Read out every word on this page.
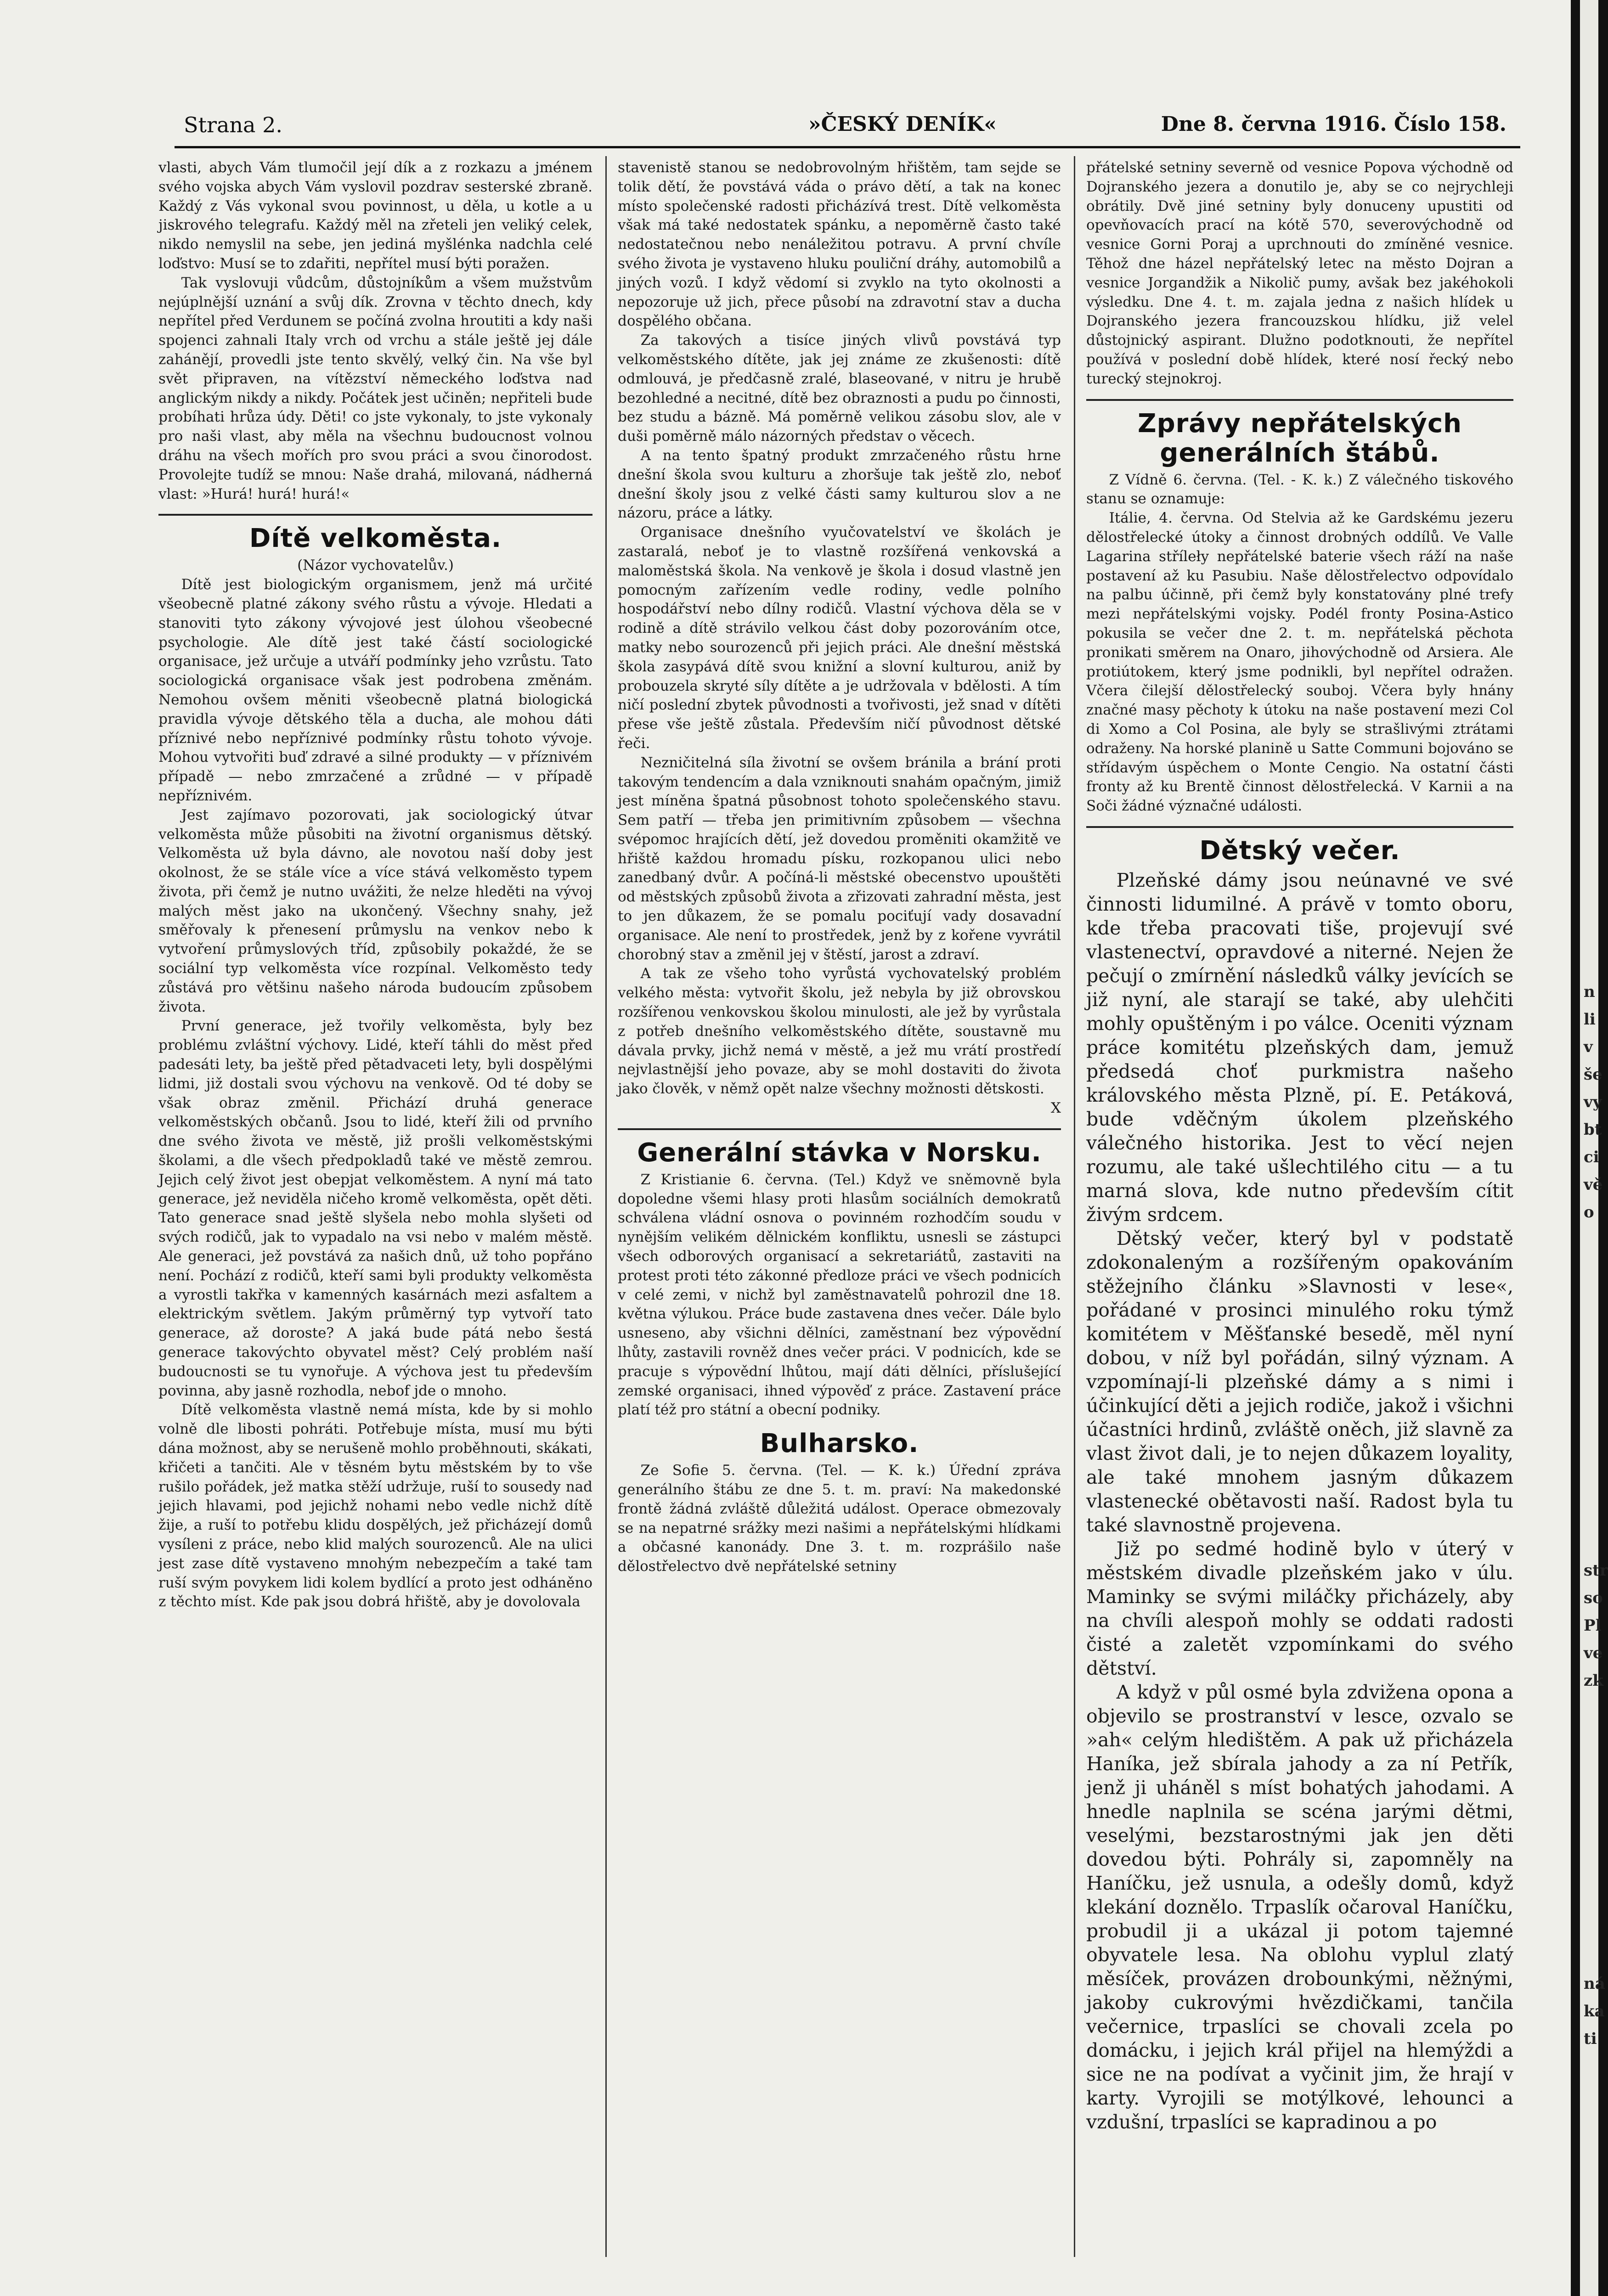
Strana 2.	»ČESKÝ DENÍK«	Dne 8. června 1916. Číslo 158.

vlasti, abych Vám tlumočil její dík a z rozkazu a jménem svého vojska abych Vám vyslovil pozdrav sesterské zbraně. Každý z Vás vykonal svou povinnost, u děla, u kotle a u jiskrového telegrafu. Každý měl na zřeteli jen veliký celek, nikdo nemyslil na sebe, jen jediná myšlénka nadchla celé loďstvo: Musí se to zdařiti, nepřítel musí býti poražen.

Tak vyslovuji vůdcům, důstojníkům a všem mužstvům nejúplnější uznání a svůj dík. Zrovna v těchto dnech, kdy nepřítel před Verdunem se počíná zvolna hroutiti a kdy naši spojenci zahnali Italy vrch od vrchu a stále ještě jej dále zahánějí, provedli jste tento skvělý, velký čin. Na vše byl svět připraven, na vítězství německého loďstva nad anglickým nikdy a nikdy. Počátek jest učiněn; nepřiteli bude probíhati hrůza údy. Děti! co jste vykonaly, to jste vykonaly pro naši vlast, aby měla na všechnu budoucnost volnou dráhu na všech mořích pro svou práci a svou činorodost. Provolejte tudíž se mnou: Naše drahá, milovaná, nádherná vlast: »Hurá! hurá! hurá!«

Dítě velkoměsta.

(Názor vychovatelův.)

Dítě jest biologickým organismem, jenž má určité všeobecně platné zákony svého růstu a vývoje. Hledati a stanoviti tyto zákony vývojové jest úlohou všeobecné psychologie. Ale dítě jest také částí sociologické organisace, jež určuje a utváří podmínky jeho vzrůstu. Tato sociologická organisace však jest podrobena změnám. Nemohou ovšem měniti všeobecně platná biologická pravidla vývoje dětského těla a ducha, ale mohou dáti příznivé nebo nepříznivé podmínky růstu tohoto vývoje. Mohou vytvořiti buď zdravé a silné produkty — v příznivém případě — nebo zmrzačené a zrůdné — v případě nepříznivém.

Jest zajímavo pozorovati, jak sociologický útvar velkoměsta může působiti na životní organismus dětský. Velkoměsta už byla dávno, ale novotou naší doby jest okolnost, že se stále více a více stává velkoměsto typem života, při čemž je nutno uvážiti, že nelze hleděti na vývoj malých měst jako na ukončený. Všechny snahy, jež směřovaly k přenesení průmyslu na venkov nebo k vytvoření průmyslových tříd, způsobily pokaždé, že se sociální typ velkoměsta více rozpínal. Velkoměsto tedy zůstává pro většinu našeho národa budoucím způsobem života.

První generace, jež tvořily velkoměsta, byly bez problému zvláštní výchovy. Lidé, kteří táhli do měst před padesáti lety, ba ještě před pětadvaceti lety, byli dospělými lidmi, již dostali svou výchovu na venkově. Od té doby se však obraz změnil. Přichází druhá generace velkoměstských občanů. Jsou to lidé, kteří žili od prvního dne svého života ve městě, již prošli velkoměstskými školami, a dle všech předpokladů také ve městě zemrou. Jejich celý život jest obepjat velkoměstem. A nyní má tato generace, jež neviděla ničeho kromě velkoměsta, opět děti. Tato generace snad ještě slyšela nebo mohla slyšeti od svých rodičů, jak to vypadalo na vsi nebo v malém městě. Ale generaci, jež povstává za našich dnů, už toho popřáno není. Pochází z rodičů, kteří sami byli produkty velkoměsta a vyrostli takřka v kamenných kasárnách mezi asfaltem a elektrickým světlem. Jakým průměrný typ vytvoří tato generace, až doroste? A jaká bude pátá nebo šestá generace takovýchto obyvatel měst? Celý problém naší budoucnosti se tu vynořuje. A výchova jest tu především povinna, aby jasně rozhodla, nebof jde o mnoho.

Dítě velkoměsta vlastně nemá místa, kde by si mohlo volně dle libosti pohráti. Potřebuje místa, musí mu býti dána možnost, aby se nerušeně mohlo proběhnouti, skákati, křičeti a tančiti. Ale v těsném bytu městském by to vše rušilo pořádek, jež matka stěží udržuje, ruší to sousedy nad jejich hlavami, pod jejichž nohami nebo vedle nichž dítě žije, a ruší to potřebu klidu dospělých, jež přicházejí domů vysíleni z práce, nebo klid malých sourozenců. Ale na ulici jest zase dítě vystaveno mnohým nebezpečím a také tam ruší svým povykem lidi kolem bydlící a proto jest odháněno z těchto míst. Kde pak jsou dobrá hřiště, aby je dovolovala

stavenistě stanou se nedobrovolným hřištěm, tam sejde se tolik dětí, že povstává váda o právo dětí, a tak na konec místo společenské radosti přicházívá trest. Dítě velkoměsta však má také nedostatek spánku, a nepoměrně často také nedostatečnou nebo nenáležitou potravu. A první chvíle svého života je vystaveno hluku pouliční dráhy, automobilů a jiných vozů. I když vědomí si zvyklo na tyto okolnosti a nepozoruje už jich, přece působí na zdravotní stav a ducha dospělého občana.

Za takových a tisíce jiných vlivů povstává typ velkoměstského dítěte, jak jej známe ze zkušenosti: dítě odmlouvá, je předčasně zralé, blaseované, v nitru je hrubě bezohledné a necitné, dítě bez obraznosti a pudu po činnosti, bez studu a bázně. Má poměrně velikou zásobu slov, ale v duši poměrně málo názorných představ o věcech.

A na tento špatný produkt zmrzačeného růstu hrne dnešní škola svou kulturu a zhoršuje tak ještě zlo, neboť dnešní školy jsou z velké části samy kulturou slov a ne názoru, práce a látky.

Organisace dnešního vyučovatelství ve školách je zastaralá, neboť je to vlastně rozšířená venkovská a maloměstská škola. Na venkově je škola i dosud vlastně jen pomocným zařízením vedle rodiny, vedle polního hospodářství nebo dílny rodičů. Vlastní výchova děla se v rodině a dítě strávilo velkou část doby pozorováním otce, matky nebo sourozenců při jejich práci. Ale dnešní městská škola zasypává dítě svou knižní a slovní kulturou, aniž by probouzela skryté síly dítěte a je udržovala v bdělosti. A tím ničí poslední zbytek původnosti a tvořivosti, jež snad v dítěti přese vše ještě zůstala. Především ničí původnost dětské řeči.

Nezničitelná síla životní se ovšem bránila a brání proti takovým tendencím a dala vzniknouti snahám opačným, jimiž jest míněna špatná působnost tohoto společenského stavu. Sem patří — třeba jen primitivním způsobem — všechna svépomoc hrajících dětí, jež dovedou proměniti okamžitě ve hřiště každou hromadu písku, rozkopanou ulici nebo zanedbaný dvůr. A počíná-li městské obecenstvo upouštěti od městských způsobů života a zřizovati zahradní města, jest to jen důkazem, že se pomalu pociťují vady dosavadní organisace. Ale není to prostředek, jenž by z kořene vyvrátil chorobný stav a změnil jej v štěstí, jarost a zdraví.

A tak ze všeho toho vyrůstá vychovatelský problém velkého města: vytvořit školu, jež nebyla by již obrovskou rozšířenou venkovskou školou minulosti, ale jež by vyrůstala z potřeb dnešního velkoměstského dítěte, soustavně mu dávala prvky, jichž nemá v městě, a jež mu vrátí prostředí nejvlastnější jeho povaze, aby se mohl dostaviti do života jako člověk, v němž opět nalze všechny možnosti dětskosti.

X

Generální stávka v Norsku.

Z Kristianie 6. června. (Tel.) Když ve sněmovně byla dopoledne všemi hlasy proti hlasům sociálních demokratů schválena vládní osnova o povinném rozhodčím soudu v nynějším velikém dělnickém konfliktu, usnesli se zástupci všech odborových organisací a sekretariátů, zastaviti na protest proti této zákonné předloze práci ve všech podnicích v celé zemi, v nichž byl zaměstnavatelů pohrozil dne 18. května výlukou. Práce bude zastavena dnes večer. Dále bylo usneseno, aby všichni dělníci, zaměstnaní bez výpovědní lhůty, zastavili rovněž dnes večer práci. V podnicích, kde se pracuje s výpovědní lhůtou, mají dáti dělníci, příslušející zemské organisaci, ihned výpověď z práce. Zastavení práce platí též pro státní a obecní podniky.

Bulharsko.

Ze Sofie 5. června. (Tel. — K. k.) Úřední zpráva generálního štábu ze dne 5. t. m. praví: Na makedonské frontě žádná zvláště důležitá událost. Operace obmezovaly se na nepatrné srážky mezi našimi a nepřátelskými hlídkami a občasné kanonády. Dne 3. t. m. rozprášilo naše dělostřelectvo dvě nepřátelské setniny

přátelské setniny severně od vesnice Popova východně od Dojranského jezera a donutilo je, aby se co nejrychleji obrátily. Dvě jiné setniny byly donuceny upustiti od opevňovacích prací na kótě 570, severovýchodně od vesnice Gorni Poraj a uprchnouti do zmíněné vesnice. Těhož dne házel nepřátelský letec na město Dojran a vesnice Jorgandžik a Nikolič pumy, avšak bez jakéhokoli výsledku. Dne 4. t. m. zajala jedna z našich hlídek u Dojranského jezera francouzskou hlídku, již velel důstojnický aspirant. Dlužno podotknouti, že nepřítel používá v poslední době hlídek, které nosí řecký nebo turecký stejnokroj.

Zprávy nepřátelských generálních štábů.

Z Vídně 6. června. (Tel. - K. k.) Z válečného tiskového stanu se oznamuje:

Itálie, 4. června. Od Stelvia až ke Gardskému jezeru dělostřelecké útoky a činnost drobných oddílů. Ve Valle Lagarina stříleły nepřátelské baterie všech ráží na naše postavení až ku Pasubiu. Naše dělostřelectvo odpovídalo na palbu účinně, při čemž byly konstatovány plné trefy mezi nepřátelskými vojsky. Podél fronty Posina-Astico pokusila se večer dne 2. t. m. nepřátelská pěchota pronikati směrem na Onaro, jihovýchodně od Arsiera. Ale protiútokem, který jsme podnikli, byl nepřítel odražen. Včera čilejší dělostřelecký souboj. Včera byly hnány značné masy pěchoty k útoku na naše postavení mezi Col di Xomo a Col Posina, ale byly se strašlivými ztrátami odraženy. Na horské planině u Satte Communi bojováno se střídavým úspěchem o Monte Cengio. Na ostatní části fronty až ku Brentě činnost dělostřelecká. V Karnii a na Soči žádné význačné události.

Dětský večer.

Plzeňské dámy jsou neúnavné ve své činnosti lidumilné. A právě v tomto oboru, kde třeba pracovati tiše, projevují své vlastenectví, opravdové a niterné. Nejen že pečují o zmírnění následků války jevících se již nyní, ale starají se také, aby ulehčiti mohly opuštěným i po válce. Oceniti význam práce komitétu plzeňských dam, jemuž předsedá choť purkmistra našeho královského města Plzně, pí. E. Petáková, bude vděčným úkolem plzeňského válečného historika. Jest to věcí nejen rozumu, ale také ušlechtilého citu — a tu marná slova, kde nutno především cítit živým srdcem.

Dětský večer, který byl v podstatě zdokonaleným a rozšířeným opakováním stěžejního článku »Slavnosti v lese«, pořádané v prosinci minulého roku týmž komitétem v Měšťanské besedě, měl nyní dobou, v níž byl pořádán, silný význam. A vzpomínají-li plzeňské dámy a s nimi i účinkující děti a jejich rodiče, jakož i všichni účastníci hrdinů, zvláště oněch, již slavně za vlast život dali, je to nejen důkazem loyality, ale také mnohem jasným důkazem vlastenecké obětavosti naší. Radost byla tu také slavnostně projevena.

Již po sedmé hodině bylo v úterý v městském divadle plzeňském jako v úlu. Maminky se svými miláčky přicházely, aby na chvíli alespoň mohly se oddati radosti čisté a zaletět vzpomínkami do svého dětství.

A když v půl osmé byla zdvižena opona a objevilo se prostranství v lesce, ozvalo se »ah« celým hledištěm. A pak už přicházela Haníka, jež sbírala jahody a za ní Petřík, jenž ji uháněl s míst bohatých jahodami. A hnedle naplnila se scéna jarými dětmi, veselými, bezstarostnými jak jen děti dovedou býti. Pohrály si, zapomněly na Haníčku, jež usnula, a odešly domů, když klekání doznělo. Trpaslík očaroval Haníčku, probudil ji a ukázal ji potom tajemné obyvatele lesa. Na oblohu vyplul zlatý měsíček, provázen drobounkými, něžnými, jakoby cukrovými hvězdičkami, tančila večernice, trpaslíci se chovali zcela po domácku, i jejich král přijel na hlemýždi a sice ne na podívat a vyčinit jim, že hrají v karty. Vyrojili se motýlkové, lehounci a vzdušní, trpaslíci se kapradinou a po

n
li
v
še
vy
bt
ci
vě
o
str
so
Pl
ve
zk
ná
ka
ti
